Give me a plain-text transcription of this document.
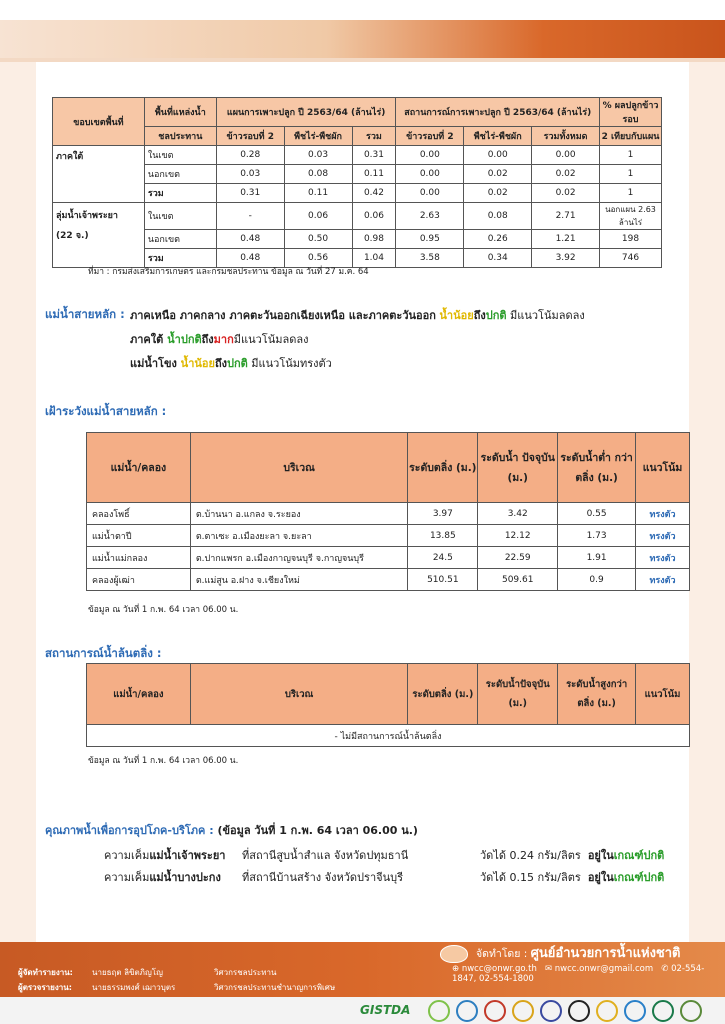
ขอบเขตพื้นที่	พื้นที่แหล่งน้ำ	แผนการเพาะปลูก ปี 2563/64 (ล้านไร่)			สถานการณ์การเพาะปลูก ปี 2563/64 (ล้านไร่)			% ผลปลูกข้าวรอบ
	ชลประทาน	ข้าวรอบที่ 2	พืชไร่-พืชผัก	รวม	ข้าวรอบที่ 2	พืชไร่-พืชผัก	รวมทั้งหมด	2 เทียบกับแผน
ภาคใต้	ในเขต	0.28	0.03	0.31	0.00	0.00	0.00	1
	นอกเขต	0.03	0.08	0.11	0.00	0.02	0.02	1
	รวม	0.31	0.11	0.42	0.00	0.02	0.02	1

ลุ่มน้ำเจ้าพระยา
(22 จ.)	ในเขต	-	0.06	0.06	2.63	0.08	2.71	นอกแผน 2.63 ล้านไร่
	นอกเขต	0.48	0.50	0.98	0.95	0.26	1.21	198
	รวม	0.48	0.56	1.04	3.58	0.34	3.92	746
ที่มา : กรมส่งเสริมการเกษตร และกรมชลประทาน ข้อมูล ณ วันที่ 27 ม.ค. 64
แม่น้ำสายหลัก : ภาคเหนือ ภาคกลาง ภาคตะวันออกเฉียงเหนือ และภาคตะวันออก น้ำน้อยถึงปกติ มีแนวโน้มลดลง
ภาคใต้ น้ำปกติถึงมากมีแนวโน้มลดลง
แม่น้ำโขง น้ำน้อยถึงปกติ มีแนวโน้มทรงตัว
เฝ้าระวังแม่น้ำสายหลัก :
แม่น้ำ/คลอง	บริเวณ	ระดับตลิ่ง (ม.)	ระดับน้ำ ปัจจุบัน (ม.)	ระดับน้ำต่ำ กว่าตลิ่ง (ม.)	แนวโน้ม
คลองโพธิ์	ต.บ้านนา อ.แกลง จ.ระยอง	3.97	3.42	0.55	ทรงตัว
แม่น้ำตาปี	ต.ตาเซะ อ.เมืองยะลา จ.ยะลา	13.85	12.12	1.73	ทรงตัว
แม่น้ำแม่กลอง	ต.ปากแพรก อ.เมืองกาญจนบุรี จ.กาญจนบุรี	24.5	22.59	1.91	ทรงตัว
คลองผู้เฒ่า	ต.แม่สูน อ.ฝาง จ.เชียงใหม่	510.51	509.61	0.9	ทรงตัว
ข้อมูล ณ วันที่ 1 ก.พ. 64 เวลา 06.00 น.
สถานการณ์น้ำล้นตลิ่ง :
แม่น้ำ/คลอง	บริเวณ	ระดับตลิ่ง (ม.)	ระดับน้ำปัจจุบัน (ม.)	ระดับน้ำสูงกว่า ตลิ่ง (ม.)	แนวโน้ม
- ไม่มีสถานการณ์น้ำล้นตลิ่ง
ข้อมูล ณ วันที่ 1 ก.พ. 64 เวลา 06.00 น.
คุณภาพน้ำเพื่อการอุปโภค-บริโภค : (ข้อมูล วันที่ 1 ก.พ. 64 เวลา 06.00 น.)
ความเค็มแม่น้ำเจ้าพระยา ที่สถานีสูบน้ำสำแล จังหวัดปทุมธานี	วัดได้ 0.24 กรัม/ลิตร อยู่ในเกณฑ์ปกติ
ความเค็มแม่น้ำบางปะกง ที่สถานีบ้านสร้าง จังหวัดปราจีนบุรี	วัดได้ 0.15 กรัม/ลิตร อยู่ในเกณฑ์ปกติ
ผู้จัดทำรายงาน: นายธฤต ลิขิตภิญโญ	วิศวกรชลประทาน
ผู้ตรวจรายงาน:	นายธรรมพงศ์ เฌาวบุตร	วิศวกรชลประทานชำนาญการพิเศษ
จัดทำโดย : ศูนย์อำนวยการน้ำแห่งชาติ
⊕ nwcc@onwr.go.th ✉ nwcc.onwr@gmail.com ✆ 02-554-1847, 02-554-1800
GISTDA
